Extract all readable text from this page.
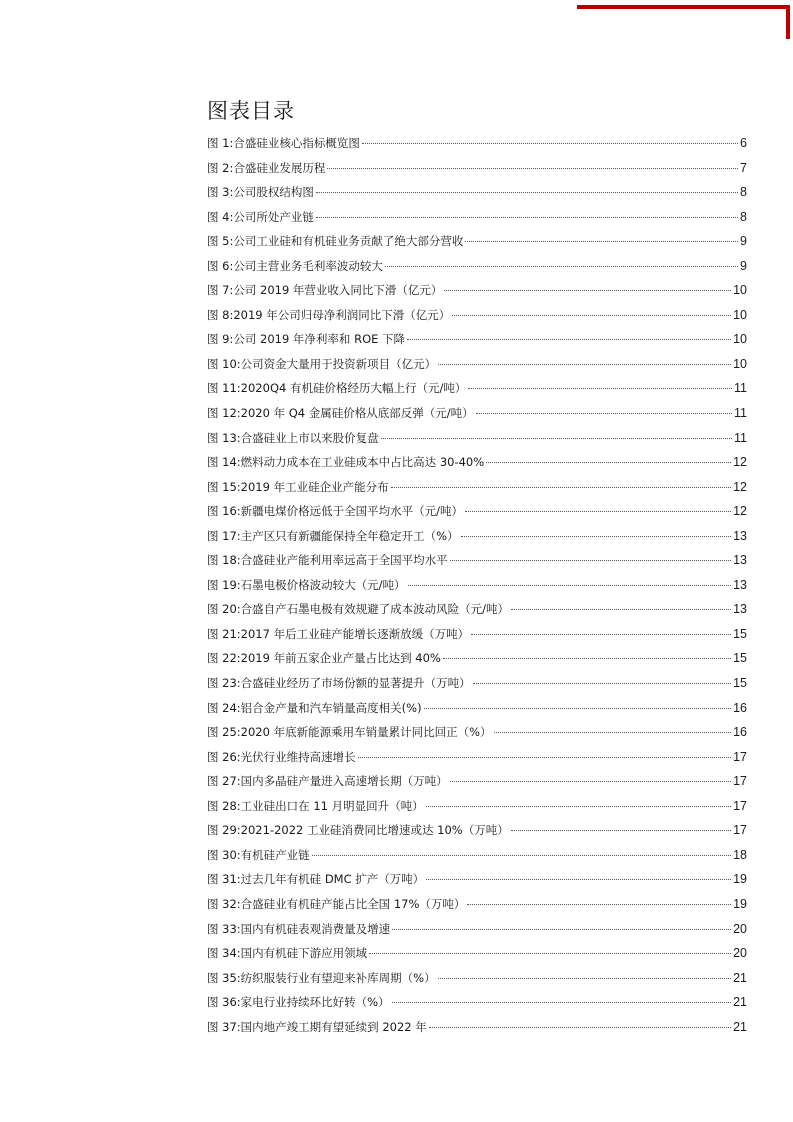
图表目录
图 1: 合盛硅业核心指标概览图	6
图 2: 合盛硅业发展历程	7
图 3: 公司股权结构图	8
图 4: 公司所处产业链	8
图 5: 公司工业硅和有机硅业务贡献了绝大部分营收	9
图 6: 公司主营业务毛利率波动较大	9
图 7: 公司 2019 年营业收入同比下滑（亿元）	10
图 8: 2019 年公司归母净利润同比下滑（亿元）	10
图 9: 公司 2019 年净利率和 ROE 下降	10
图 10: 公司资金大量用于投资新项目（亿元）	10
图 11: 2020Q4 有机硅价格经历大幅上行（元/吨）	11
图 12: 2020 年 Q4 金属硅价格从底部反弹（元/吨）	11
图 13: 合盛硅业上市以来股价复盘	11
图 14: 燃料动力成本在工业硅成本中占比高达 30-40%	12
图 15: 2019 年工业硅企业产能分布	12
图 16: 新疆电煤价格远低于全国平均水平（元/吨）	12
图 17: 主产区只有新疆能保持全年稳定开工（%）	13
图 18: 合盛硅业产能利用率远高于全国平均水平	13
图 19: 石墨电极价格波动较大（元/吨）	13
图 20: 合盛自产石墨电极有效规避了成本波动风险（元/吨）	13
图 21: 2017 年后工业硅产能增长逐渐放缓（万吨）	15
图 22: 2019 年前五家企业产量占比达到 40%	15
图 23: 合盛硅业经历了市场份额的显著提升（万吨）	15
图 24: 铝合金产量和汽车销量高度相关(%)	16
图 25: 2020 年底新能源乘用车销量累计同比回正（%）	16
图 26: 光伏行业维持高速增长	17
图 27: 国内多晶硅产量进入高速增长期（万吨）	17
图 28: 工业硅出口在 11 月明显回升（吨）	17
图 29: 2021-2022 工业硅消费同比增速或达 10%（万吨）	17
图 30: 有机硅产业链	18
图 31: 过去几年有机硅 DMC 扩产（万吨）	19
图 32: 合盛硅业有机硅产能占比全国 17%（万吨）	19
图 33: 国内有机硅表观消费量及增速	20
图 34: 国内有机硅下游应用领域	20
图 35: 纺织服装行业有望迎来补库周期（%）	21
图 36: 家电行业持续环比好转（%）	21
图 37: 国内地产竣工期有望延续到 2022 年	21
